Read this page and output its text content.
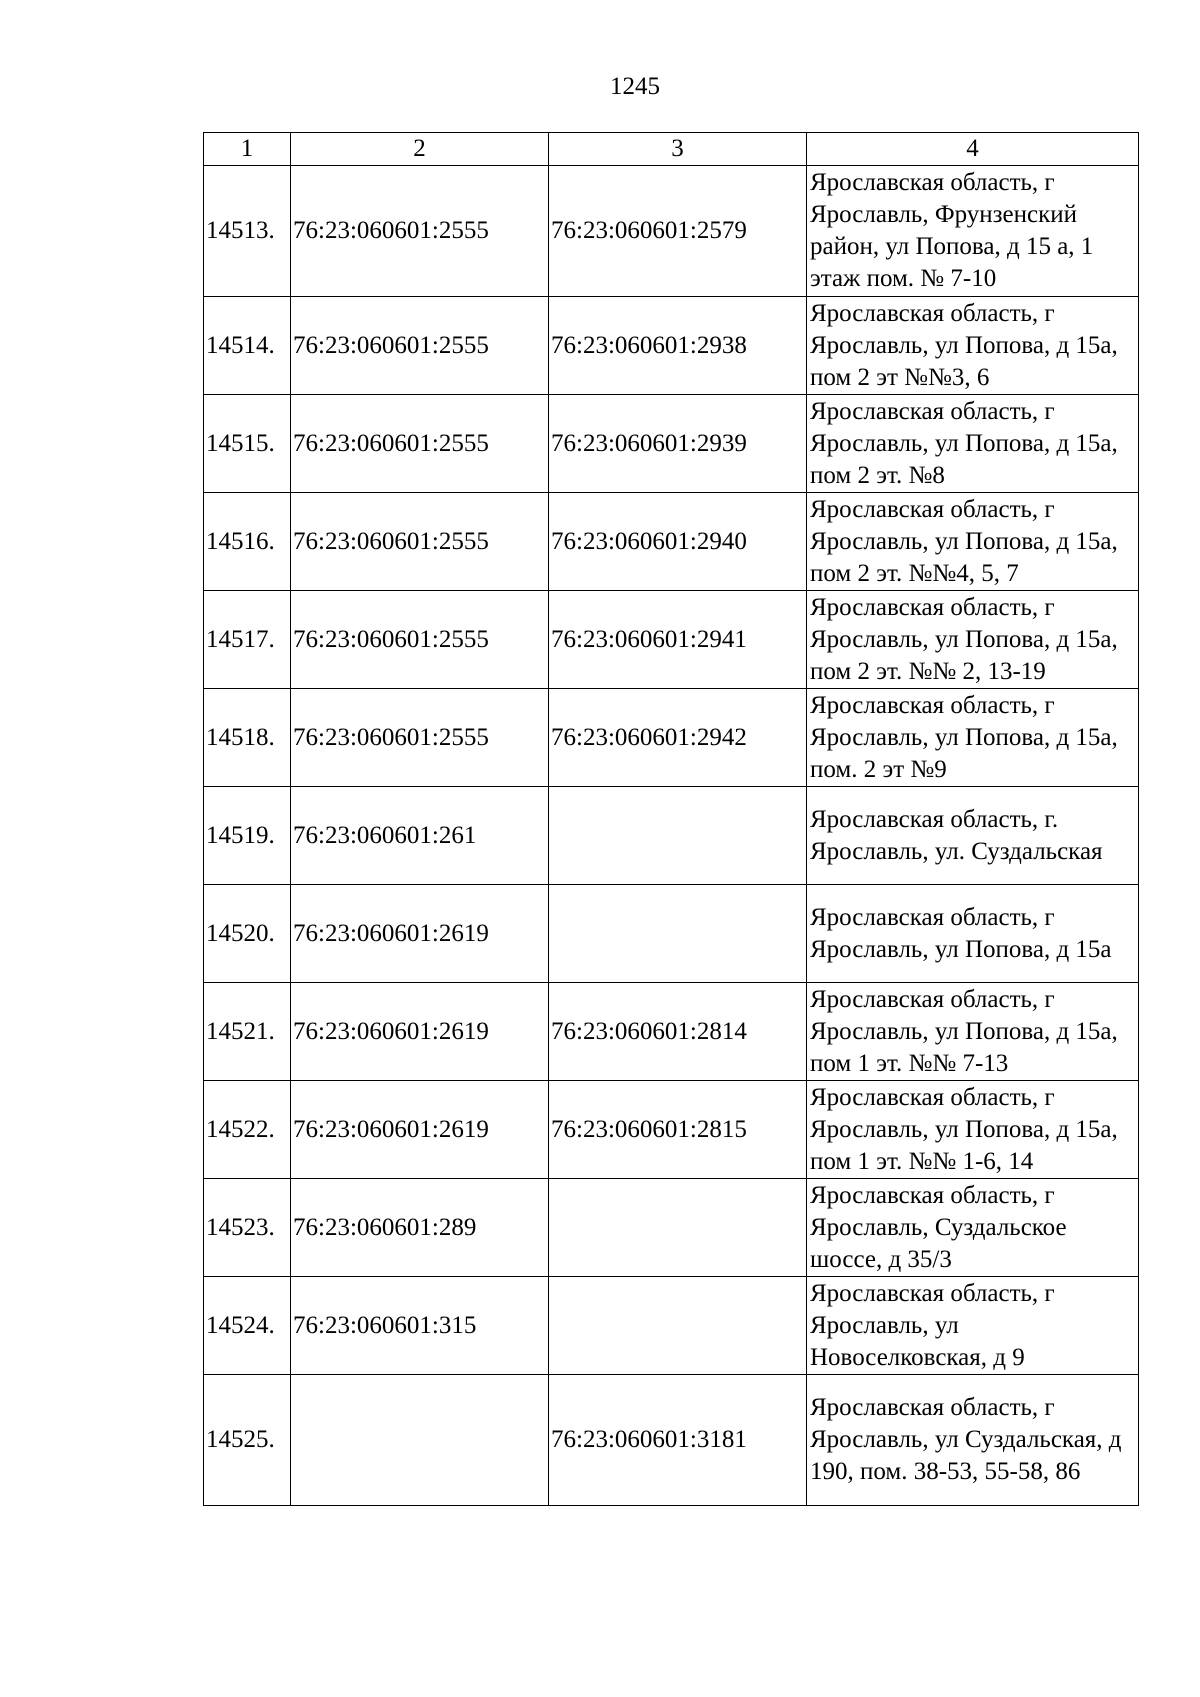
1245
1	2	3	4
14513.	76:23:060601:2555	76:23:060601:2579	Ярославская область, г Ярославль, Фрунзенский район, ул Попова, д 15 а, 1 этаж пом. № 7-10
14514.	76:23:060601:2555	76:23:060601:2938	Ярославская область, г Ярославль, ул Попова, д 15а, пом 2 эт №№3, 6
14515.	76:23:060601:2555	76:23:060601:2939	Ярославская область, г Ярославль, ул Попова, д 15а, пом 2 эт. №8
14516.	76:23:060601:2555	76:23:060601:2940	Ярославская область, г Ярославль, ул Попова, д 15а, пом 2 эт. №№4, 5, 7
14517.	76:23:060601:2555	76:23:060601:2941	Ярославская область, г Ярославль, ул Попова, д 15а, пом 2 эт. №№ 2, 13-19
14518.	76:23:060601:2555	76:23:060601:2942	Ярославская область, г Ярославль, ул Попова, д 15а, пом. 2 эт №9
14519.	76:23:060601:261		Ярославская область, г. Ярославль, ул. Суздальская
14520.	76:23:060601:2619		Ярославская область, г Ярославль, ул Попова, д 15а
14521.	76:23:060601:2619	76:23:060601:2814	Ярославская область, г Ярославль, ул Попова, д 15а, пом 1 эт. №№ 7-13
14522.	76:23:060601:2619	76:23:060601:2815	Ярославская область, г Ярославль, ул Попова, д 15а, пом 1 эт. №№ 1-6, 14
14523.	76:23:060601:289		Ярославская область, г Ярославль, Суздальское шоссе, д 35/3
14524.	76:23:060601:315		Ярославская область, г Ярославль, ул Новоселковская, д 9
14525.		76:23:060601:3181	Ярославская область, г Ярославль, ул Суздальская, д 190, пом. 38-53, 55-58, 86
